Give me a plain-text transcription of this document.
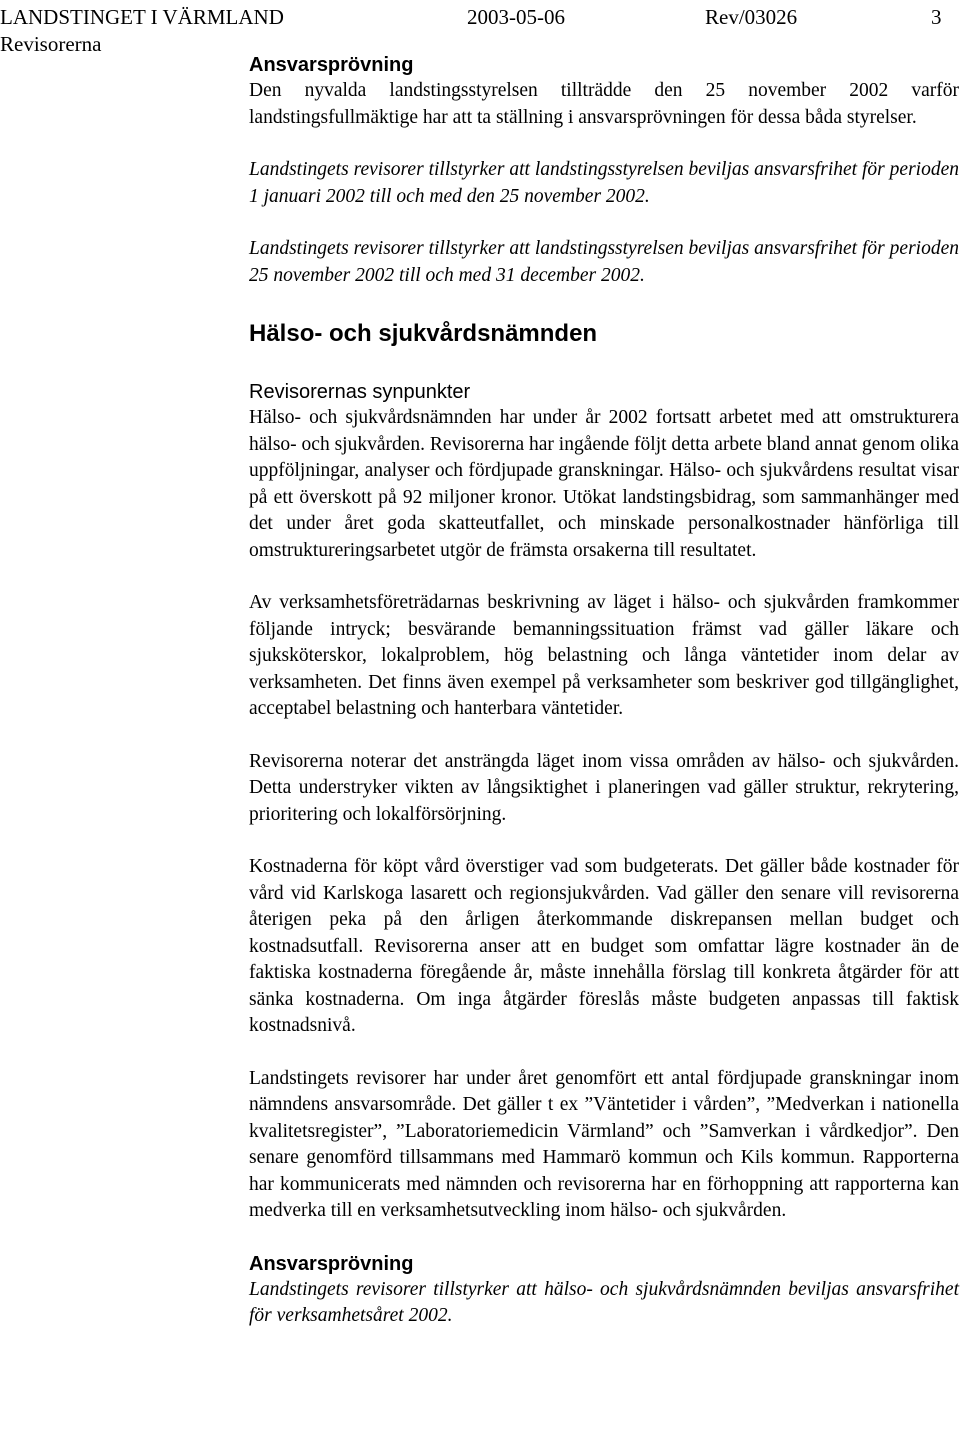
LANDSTINGET I VÄRMLAND	2003-05-06	Rev/03026	3
Revisorerna
Ansvarsprövning

Den nyvalda landstingsstyrelsen tillträdde den 25 november 2002 varför landstingsfullmäktige har att ta ställning i ansvarsprövningen för dessa båda styrelser.

Landstingets revisorer tillstyrker att landstingsstyrelsen beviljas ansvarsfrihet för perioden 1 januari 2002 till och med den 25 november 2002.

Landstingets revisorer tillstyrker att landstingsstyrelsen beviljas ansvarsfrihet för perioden 25 november 2002 till och med 31 december 2002.

Hälso- och sjukvårdsnämnden
Revisorernas synpunkter

Hälso- och sjukvårdsnämnden har under år 2002 fortsatt arbetet med att omstrukturera hälso- och sjukvården. Revisorerna har ingående följt detta arbete bland annat genom olika uppföljningar, analyser och fördjupade granskningar. Hälso- och sjukvårdens resultat visar på ett överskott på 92 miljoner kronor. Utökat landstingsbidrag, som sammanhänger med det under året goda skatteutfallet, och minskade personalkostnader hänförliga till omstruktureringsarbetet utgör de främsta orsakerna till resultatet.

Av verksamhetsföreträdarnas beskrivning av läget i hälso- och sjukvården framkommer följande intryck; besvärande bemanningssituation främst vad gäller läkare och sjuksköterskor, lokalproblem, hög belastning och långa väntetider inom delar av verksamheten. Det finns även exempel på verksamheter som beskriver god tillgänglighet, acceptabel belastning och hanterbara väntetider.

Revisorerna noterar det ansträngda läget inom vissa områden av hälso- och sjukvården. Detta understryker vikten av långsiktighet i planeringen vad gäller struktur, rekrytering, prioritering och lokalförsörjning.

Kostnaderna för köpt vård överstiger vad som budgeterats. Det gäller både kostnader för vård vid Karlskoga lasarett och regionsjukvården. Vad gäller den senare vill revisorerna återigen peka på den årligen återkommande diskrepansen mellan budget och kostnadsutfall. Revisorerna anser att en budget som omfattar lägre kostnader än de faktiska kostnaderna föregående år, måste innehålla förslag till konkreta åtgärder för att sänka kostnaderna. Om inga åtgärder föreslås måste budgeten anpassas till faktisk kostnadsnivå.

Landstingets revisorer har under året genomfört ett antal fördjupade granskningar inom nämndens ansvarsområde. Det gäller t ex ”Väntetider i vården”, ”Medverkan i nationella kvalitetsregister”, ”Laboratoriemedicin Värmland” och ”Samverkan i vårdkedjor”. Den senare genomförd tillsammans med Hammarö kommun och Kils kommun. Rapporterna har kommunicerats med nämnden och revisorerna har en förhoppning att rapporterna kan medverka till en verksamhetsutveckling inom hälso- och sjukvården.

Ansvarsprövning

Landstingets revisorer tillstyrker att hälso- och sjukvårdsnämnden beviljas ansvarsfrihet för verksamhetsåret 2002.
